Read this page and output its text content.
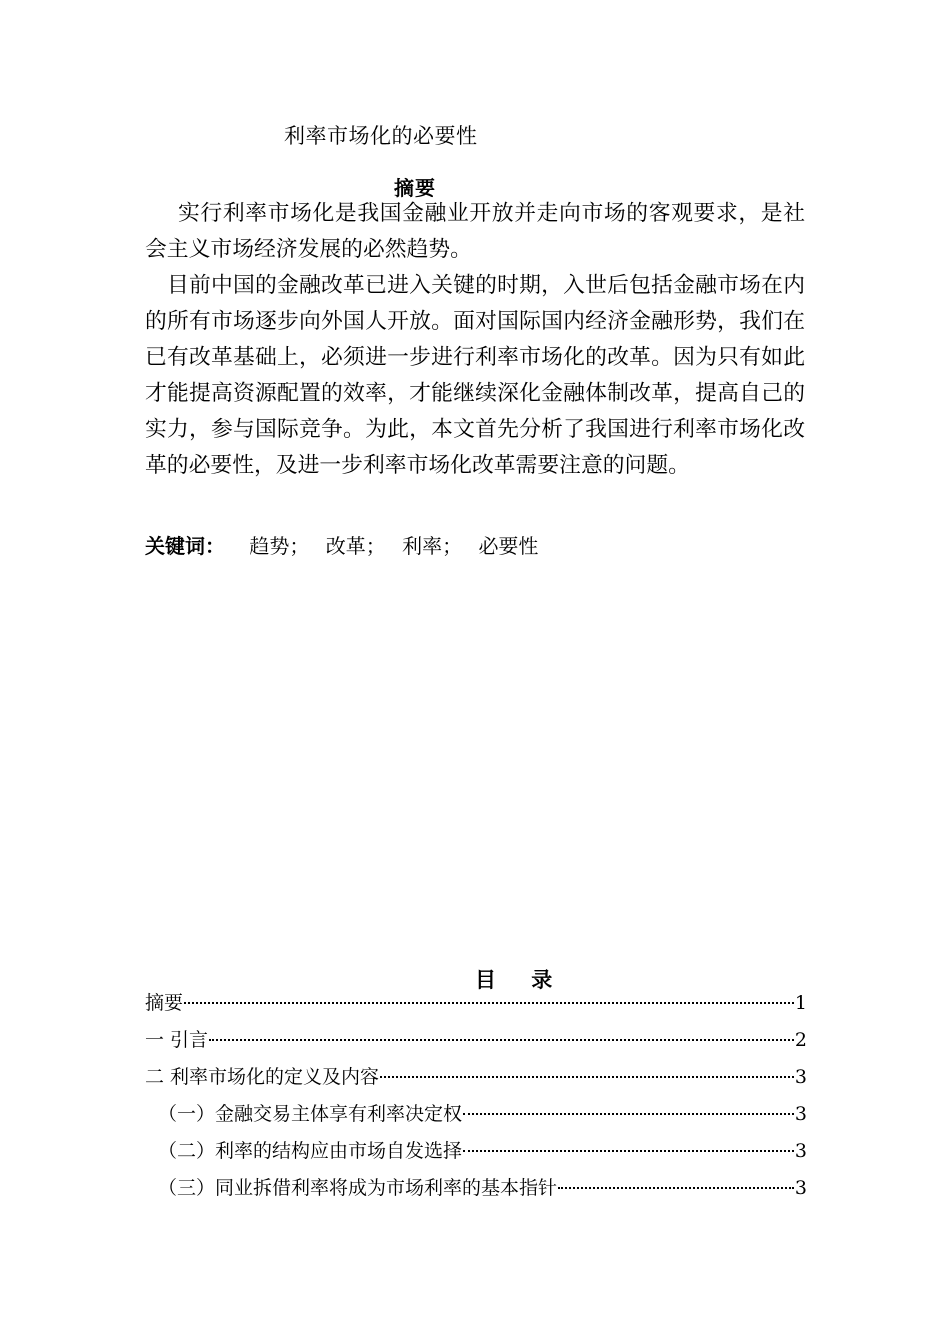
利率市场化的必要性
摘要

实行利率市场化是我国金融业开放并走向市场的客观要求，是社会主义市场经济发展的必然趋势。

目前中国的金融改革已进入关键的时期，入世后包括金融市场在内的所有市场逐步向外国人开放。面对国际国内经济金融形势，我们在已有改革基础上，必须进一步进行利率市场化的改革。因为只有如此才能提高资源配置的效率，才能继续深化金融体制改革，提高自己的实力，参与国际竞争。为此，本文首先分析了我国进行利率市场化改革的必要性，及进一步利率市场化改革需要注意的问题。

关键词： 趋势； 改革； 利率； 必要性
目 录
摘要	1
一 引言	2
二 利率市场化的定义及内容	3
（一）金融交易主体享有利率决定权	3
（二）利率的结构应由市场自发选择	3
（三）同业拆借利率将成为市场利率的基本指针	3
